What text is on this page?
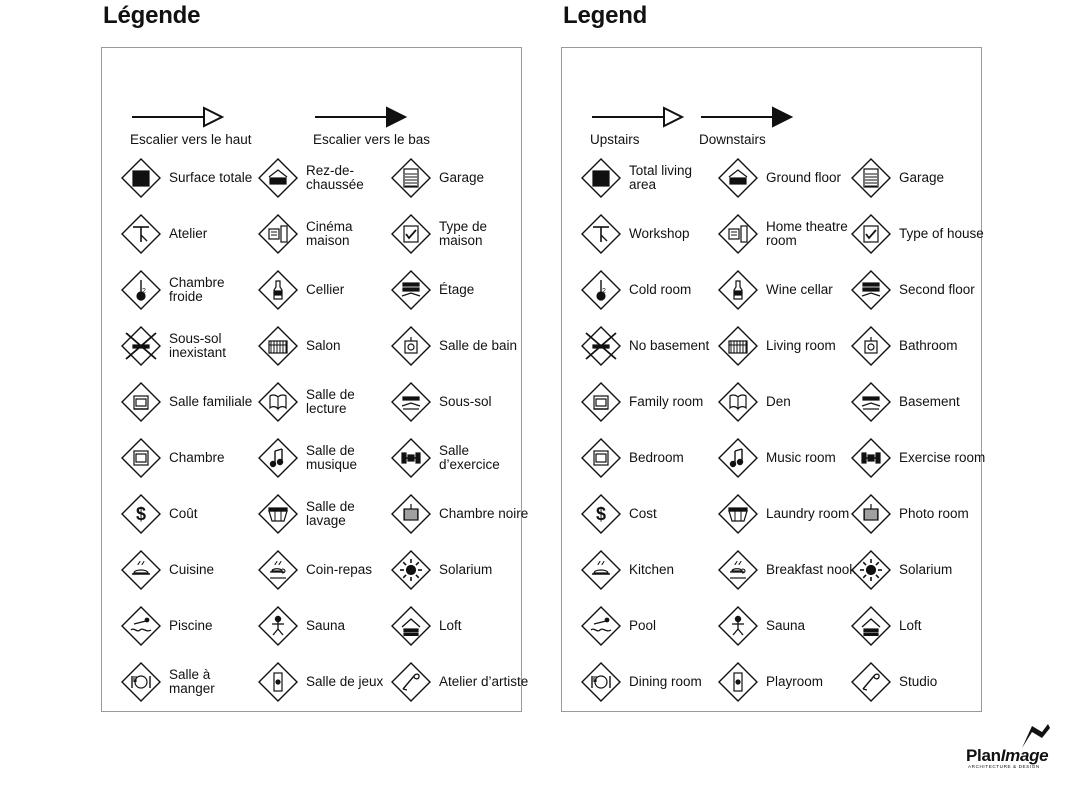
Légende
Escalier vers le haut	Escalier vers le bas
Surface totale
Atelier
2
Chambre froide
Sous-sol inexistant
Salle familiale
Chambre
$ Coût
Cuisine
Piscine
Salle à manger
Rez-de-chaussée
Cinéma maison
Cellier
Salon
Salle de lecture
Salle de musique
Salle de lavage
Coin-repas
Sauna
Salle de jeux
Garage
Type de maison
Étage
Salle de bain
Sous-sol
Salle d’exercice
Chambre noire
Solarium
Loft
Atelier d’artiste
Legend
Upstairs	Downstairs
Total living area
Workshop
2 Cold room
No basement
Family room
Bedroom
$ Cost
Kitchen
Pool
Dining room
Ground floor
Home theatre room
Wine cellar
Living room
Den
Music room
Laundry room
Breakfast nook
Sauna
Playroom
Garage
Type of house
Second floor
Bathroom
Basement
Exercise room
Photo room
Solarium
Loft
Studio
PlanImage
ARCHITECTURE & DESIGN
